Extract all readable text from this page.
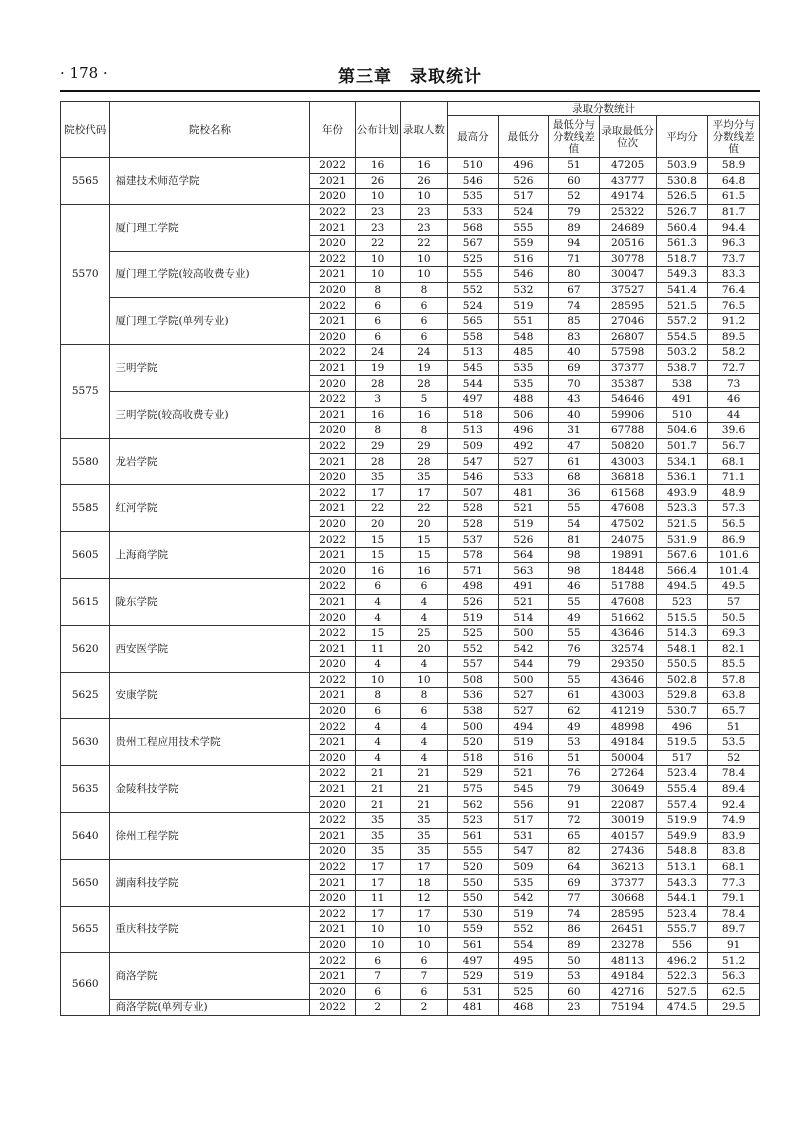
· 178 ·	第三章　录取统计
院校代码	院校名称	年份	公布计划	录取人数	录取分数统计					
					最高分	最低分	最低分与分数线差值	录取最低分位次	平均分	平均分与分数线差值
5565	福建技术师范学院	2022	16	16	510	496	51	47205	503.9	58.9
		2021	26	26	546	526	60	43777	530.8	64.8
		2020	10	10	535	517	52	49174	526.5	61.5
5570	厦门理工学院	2022	23	23	533	524	79	25322	526.7	81.7
		2021	23	23	568	555	89	24689	560.4	94.4
		2020	22	22	567	559	94	20516	561.3	96.3
	厦门理工学院(较高收费专业)	2022	10	10	525	516	71	30778	518.7	73.7
		2021	10	10	555	546	80	30047	549.3	83.3
		2020	8	8	552	532	67	37527	541.4	76.4
	厦门理工学院(单列专业)	2022	6	6	524	519	74	28595	521.5	76.5
		2021	6	6	565	551	85	27046	557.2	91.2
		2020	6	6	558	548	83	26807	554.5	89.5
5575	三明学院	2022	24	24	513	485	40	57598	503.2	58.2
		2021	19	19	545	535	69	37377	538.7	72.7
		2020	28	28	544	535	70	35387	538	73
	三明学院(较高收费专业)	2022	3	5	497	488	43	54646	491	46
		2021	16	16	518	506	40	59906	510	44
		2020	8	8	513	496	31	67788	504.6	39.6
5580	龙岩学院	2022	29	29	509	492	47	50820	501.7	56.7
		2021	28	28	547	527	61	43003	534.1	68.1
		2020	35	35	546	533	68	36818	536.1	71.1
5585	红河学院	2022	17	17	507	481	36	61568	493.9	48.9
		2021	22	22	528	521	55	47608	523.3	57.3
		2020	20	20	528	519	54	47502	521.5	56.5
5605	上海商学院	2022	15	15	537	526	81	24075	531.9	86.9
		2021	15	15	578	564	98	19891	567.6	101.6
		2020	16	16	571	563	98	18448	566.4	101.4
5615	陇东学院	2022	6	6	498	491	46	51788	494.5	49.5
		2021	4	4	526	521	55	47608	523	57
		2020	4	4	519	514	49	51662	515.5	50.5
5620	西安医学院	2022	15	25	525	500	55	43646	514.3	69.3
		2021	11	20	552	542	76	32574	548.1	82.1
		2020	4	4	557	544	79	29350	550.5	85.5
5625	安康学院	2022	10	10	508	500	55	43646	502.8	57.8
		2021	8	8	536	527	61	43003	529.8	63.8
		2020	6	6	538	527	62	41219	530.7	65.7
5630	贵州工程应用技术学院	2022	4	4	500	494	49	48998	496	51
		2021	4	4	520	519	53	49184	519.5	53.5
		2020	4	4	518	516	51	50004	517	52
5635	金陵科技学院	2022	21	21	529	521	76	27264	523.4	78.4
		2021	21	21	575	545	79	30649	555.4	89.4
		2020	21	21	562	556	91	22087	557.4	92.4
5640	徐州工程学院	2022	35	35	523	517	72	30019	519.9	74.9
		2021	35	35	561	531	65	40157	549.9	83.9
		2020	35	35	555	547	82	27436	548.8	83.8
5650	湖南科技学院	2022	17	17	520	509	64	36213	513.1	68.1
		2021	17	18	550	535	69	37377	543.3	77.3
		2020	11	12	550	542	77	30668	544.1	79.1
5655	重庆科技学院	2022	17	17	530	519	74	28595	523.4	78.4
		2021	10	10	559	552	86	26451	555.7	89.7
		2020	10	10	561	554	89	23278	556	91
5660	商洛学院	2022	6	6	497	495	50	48113	496.2	51.2
		2021	7	7	529	519	53	49184	522.3	56.3
		2020	6	6	531	525	60	42716	527.5	62.5
	商洛学院(单列专业)	2022	2	2	481	468	23	75194	474.5	29.5
